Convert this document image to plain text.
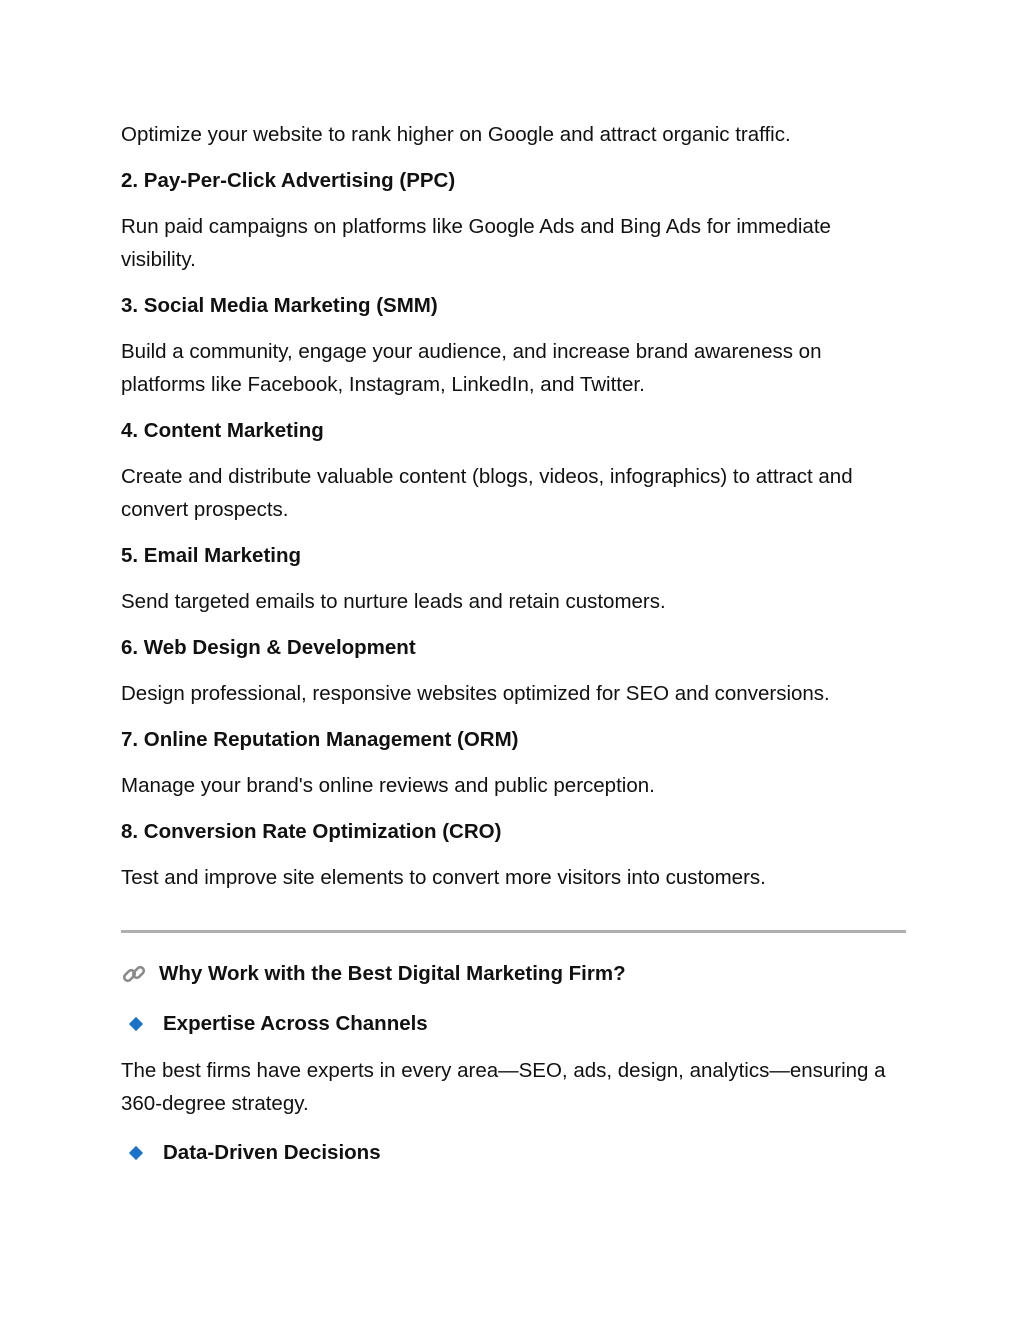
Optimize your website to rank higher on Google and attract organic traffic.

2. Pay-Per-Click Advertising (PPC)

Run paid campaigns on platforms like Google Ads and Bing Ads for immediate visibility.

3. Social Media Marketing (SMM)

Build a community, engage your audience, and increase brand awareness on platforms like Facebook, Instagram, LinkedIn, and Twitter.

4. Content Marketing

Create and distribute valuable content (blogs, videos, infographics) to attract and convert prospects.

5. Email Marketing

Send targeted emails to nurture leads and retain customers.

6. Web Design & Development

Design professional, responsive websites optimized for SEO and conversions.

7. Online Reputation Management (ORM)

Manage your brand's online reviews and public perception.

8. Conversion Rate Optimization (CRO)

Test and improve site elements to convert more visitors into customers.

Why Work with the Best Digital Marketing Firm?
Expertise Across Channels

The best firms have experts in every area—SEO, ads, design, analytics—ensuring a 360-degree strategy.

Data-Driven Decisions
